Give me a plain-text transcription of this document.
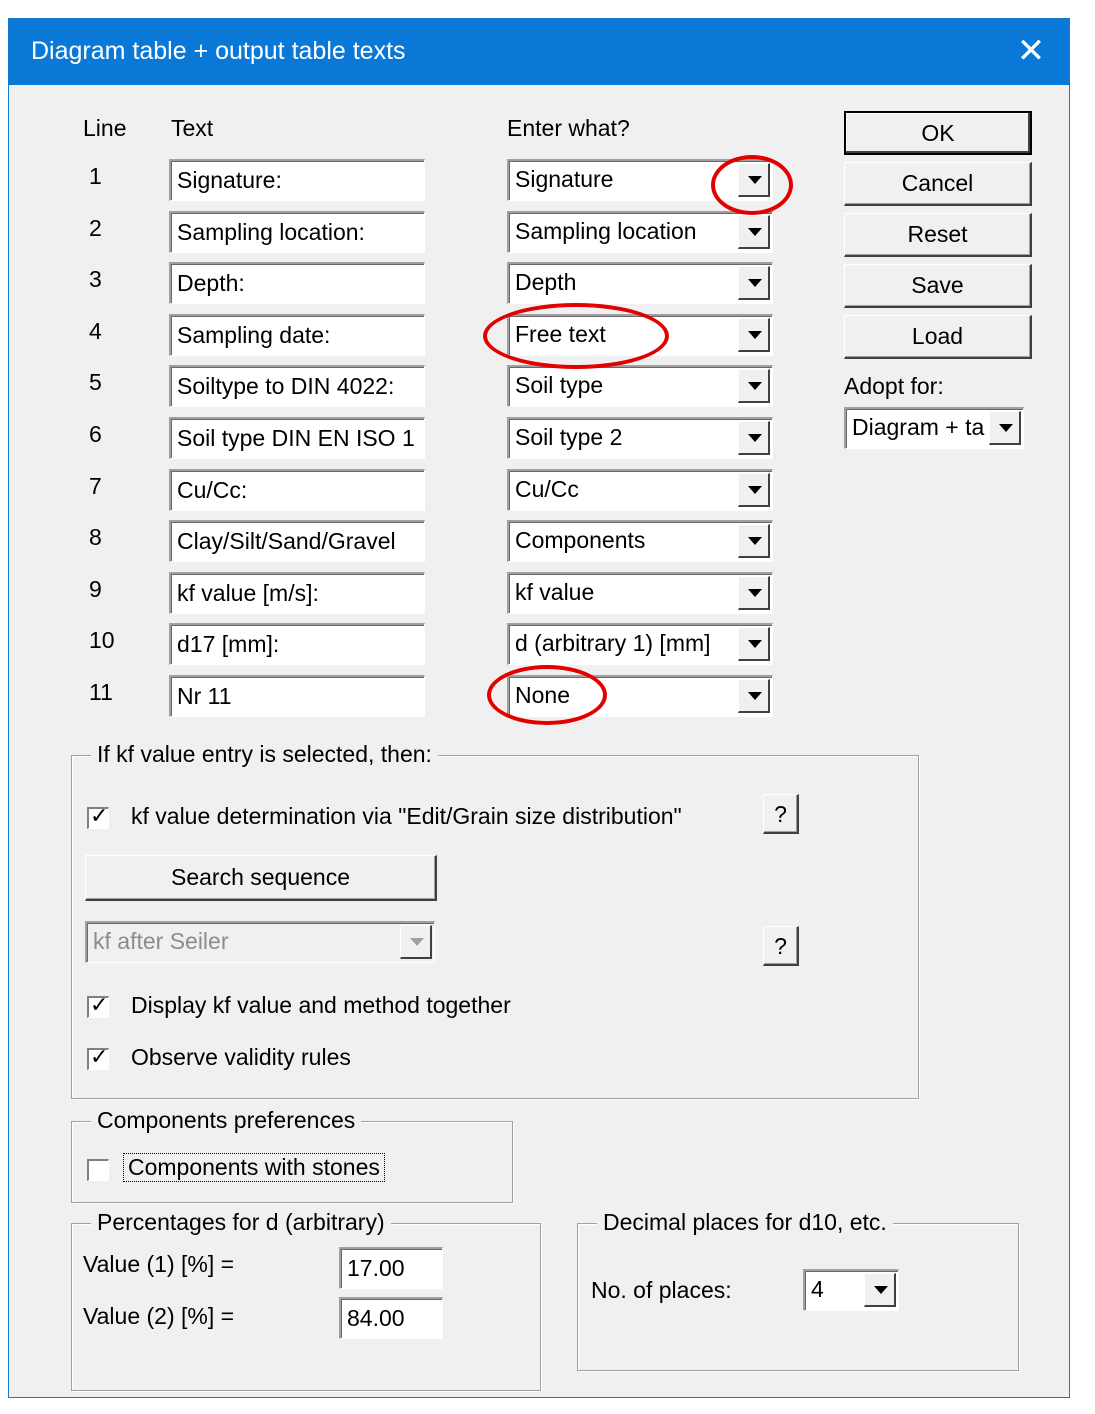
Diagram table + output table texts	✕
Line Text	Enter what?
1	Signature:	Signature
2	Sampling location:	Sampling location
3	Depth:	Depth
4	Sampling date:	Free text
5	Soiltype to DIN 4022:	Soil type
6	Soil type DIN EN ISO 1	Soil type 2
7	Cu/Cc:	Cu/Cc
8	Clay/Silt/Sand/Gravel	Components
9	kf value [m/s]:	kf value
10	d17 [mm]:	d (arbitrary 1) [mm]
11	Nr 11	None
OK
Cancel
Reset
Save
Load
Adopt for:
Diagram + ta
If kf value entry is selected, then:
✓ kf value determination via "Edit/Grain size distribution"	?
Search sequence
kf after Seiler	?
✓ Display kf value and method together
✓ Observe validity rules
Components preferences
Components with stones
Percentages for d (arbitrary)
Value (1) [%] =	17.00
Value (2) [%] =	84.00
Decimal places for d10, etc.
No. of places:	4
